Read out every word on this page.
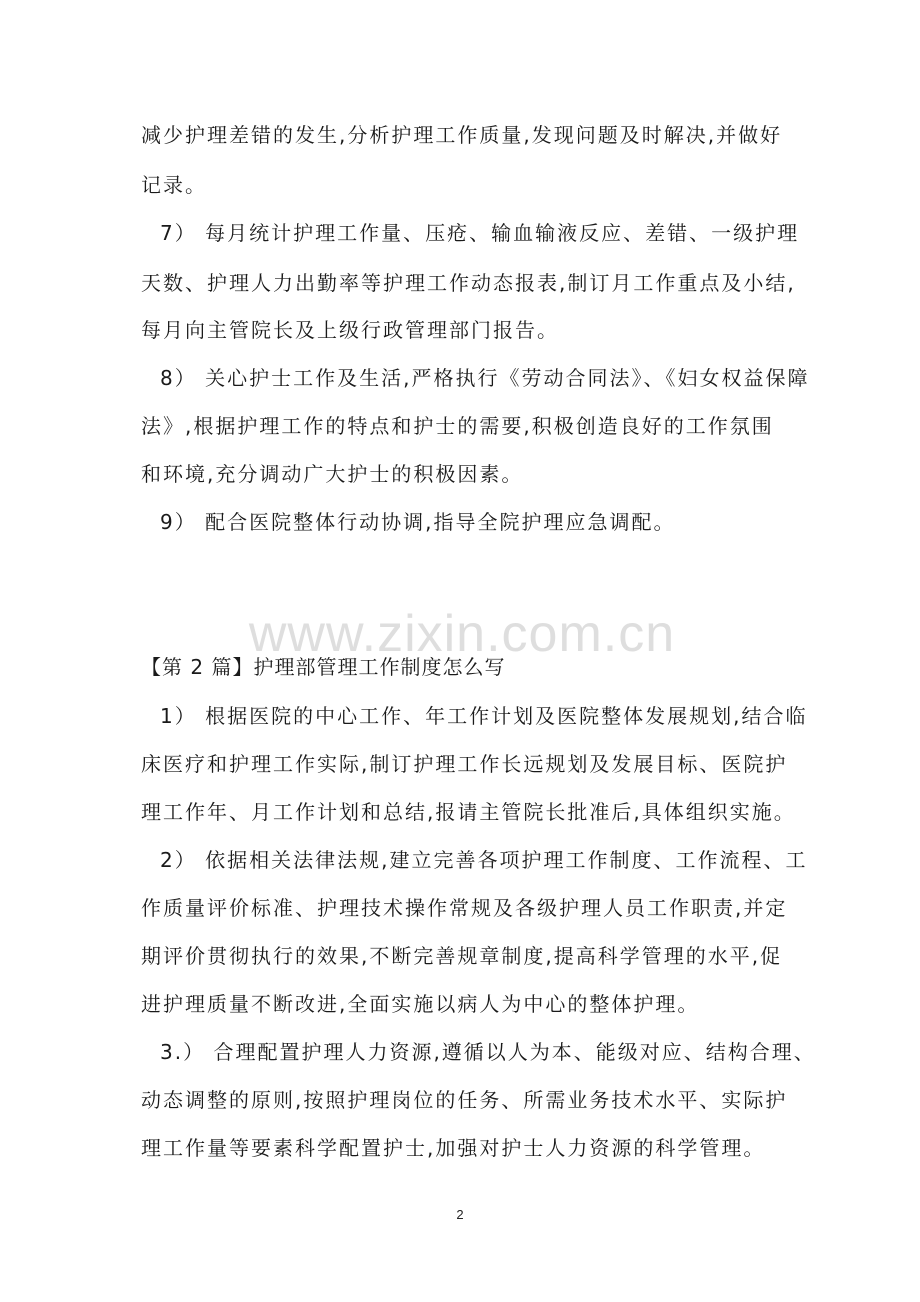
减少护理差错的发生,分析护理工作质量,发现问题及时解决,并做好
记录。
7） 每月统计护理工作量、压疮、输血输液反应、差错、一级护理
天数、护理人力出勤率等护理工作动态报表,制订月工作重点及小结,
每月向主管院长及上级行政管理部门报告。
8） 关心护士工作及生活,严格执行《劳动合同法》、《妇女权益保障
法》,根据护理工作的特点和护士的需要,积极创造良好的工作氛围
和环境,充分调动广大护士的积极因素。
9） 配合医院整体行动协调,指导全院护理应急调配。
www.zixin.com.cn
【第 2 篇】护理部管理工作制度怎么写
1） 根据医院的中心工作、年工作计划及医院整体发展规划,结合临
床医疗和护理工作实际,制订护理工作长远规划及发展目标、医院护
理工作年、月工作计划和总结,报请主管院长批准后,具体组织实施。
2） 依据相关法律法规,建立完善各项护理工作制度、工作流程、工
作质量评价标准、护理技术操作常规及各级护理人员工作职责,并定
期评价贯彻执行的效果,不断完善规章制度,提高科学管理的水平,促
进护理质量不断改进,全面实施以病人为中心的整体护理。
3.） 合理配置护理人力资源,遵循以人为本、能级对应、结构合理、
动态调整的原则,按照护理岗位的任务、所需业务技术水平、实际护
理工作量等要素科学配置护士,加强对护士人力资源的科学管理。
2
